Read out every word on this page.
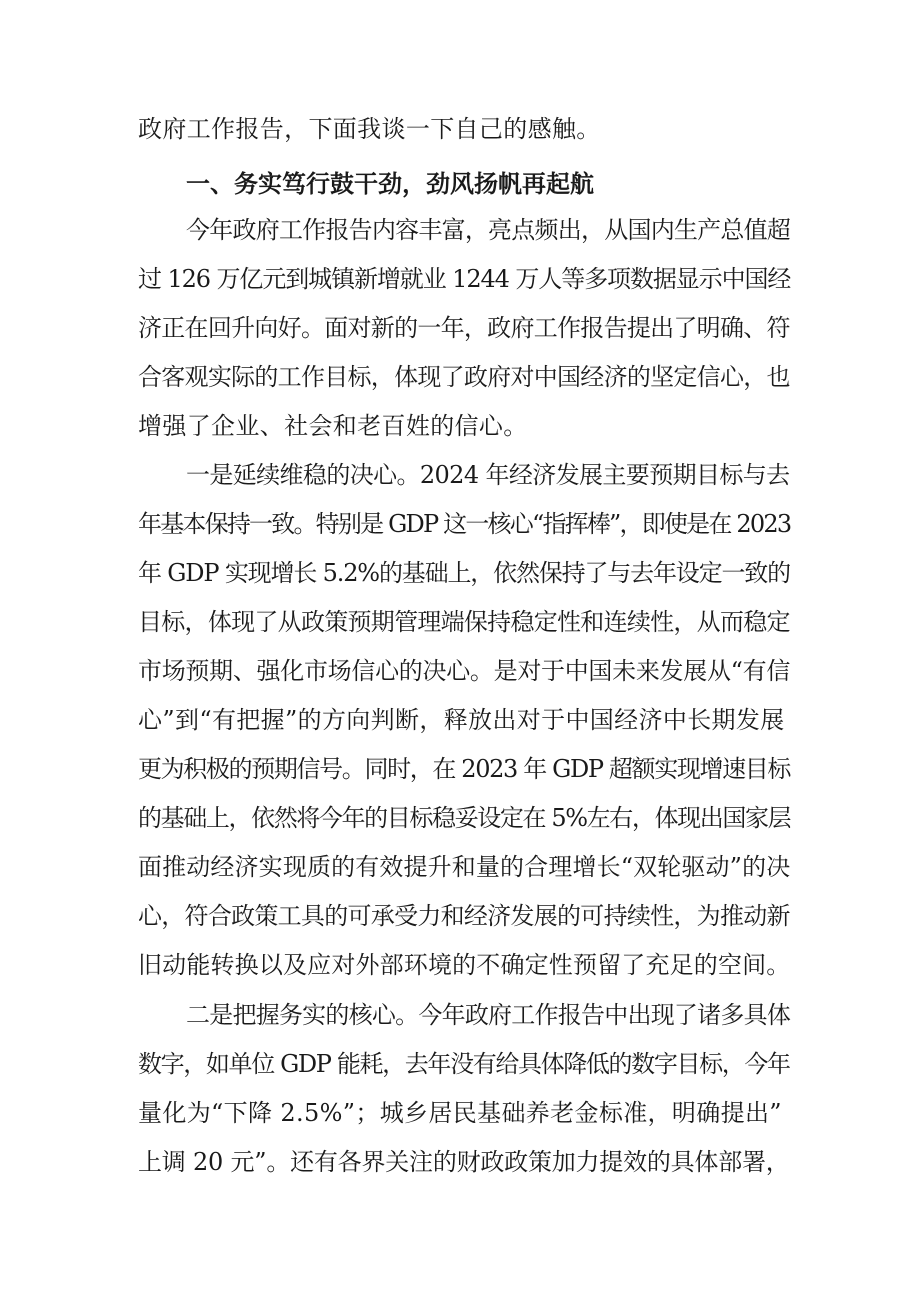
政府工作报告，下面我谈一下自己的感触。
一、务实笃行鼓干劲，劲风扬帆再起航
今年政府工作报告内容丰富，亮点频出，从国内生产总值超
过 126 万亿元到城镇新增就业 1244 万人等多项数据显示中国经
济正在回升向好。面对新的一年，政府工作报告提出了明确、符
合客观实际的工作目标，体现了政府对中国经济的坚定信心，也
增强了企业、社会和老百姓的信心。
一是延续维稳的决心。2024 年经济发展主要预期目标与去
年基本保持一致。特别是 GDP 这一核心“指挥棒”，即使是在 2023
年 GDP 实现增长 5.2%的基础上，依然保持了与去年设定一致的
目标，体现了从政策预期管理端保持稳定性和连续性，从而稳定
市场预期、强化市场信心的决心。是对于中国未来发展从“有信
心”到“有把握”的方向判断，释放出对于中国经济中长期发展
更为积极的预期信号。同时，在 2023 年 GDP 超额实现增速目标
的基础上，依然将今年的目标稳妥设定在 5%左右，体现出国家层
面推动经济实现质的有效提升和量的合理增长“双轮驱动”的决
心，符合政策工具的可承受力和经济发展的可持续性，为推动新
旧动能转换以及应对外部环境的不确定性预留了充足的空间。
二是把握务实的核心。今年政府工作报告中出现了诸多具体
数字，如单位 GDP 能耗，去年没有给具体降低的数字目标，今年
量化为“下降 2.5%”；城乡居民基础养老金标准，明确提出”
上调 20 元”。还有各界关注的财政政策加力提效的具体部署，
